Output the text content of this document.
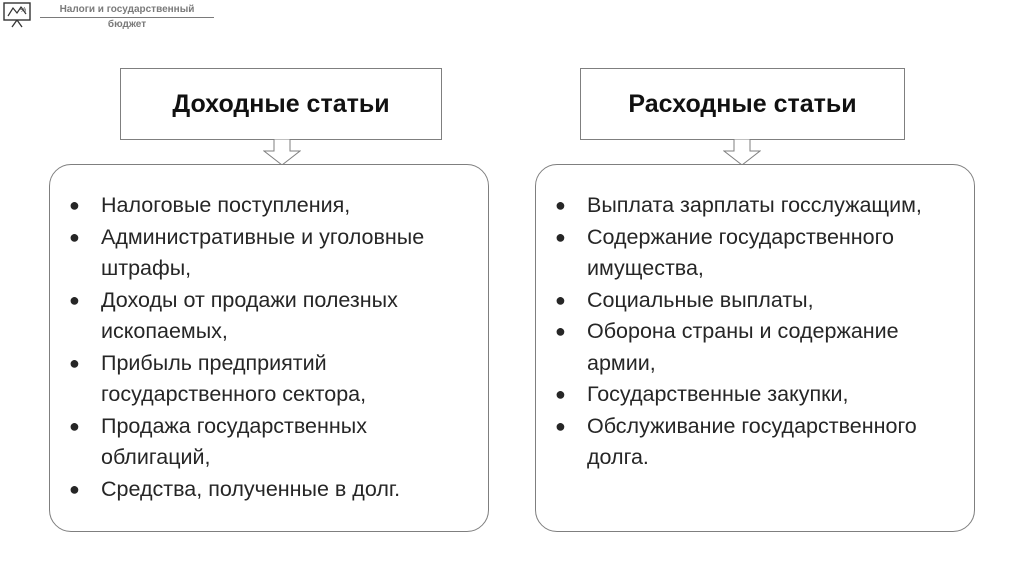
%	Налоги и государственный
бюджет
Доходные статьи
● Налоговые поступления,
● Административные и уголовные штрафы,
● Доходы от продажи полезных ископаемых,
● Прибыль предприятий государственного сектора,
● Продажа государственных облигаций,
● Средства, полученные в долг.
Расходные статьи
● Выплата зарплаты госслужащим,
● Содержание государственного имущества,
● Социальные выплаты,
● Оборона страны и содержание армии,
● Государственные закупки,
● Обслуживание государственного долга.
